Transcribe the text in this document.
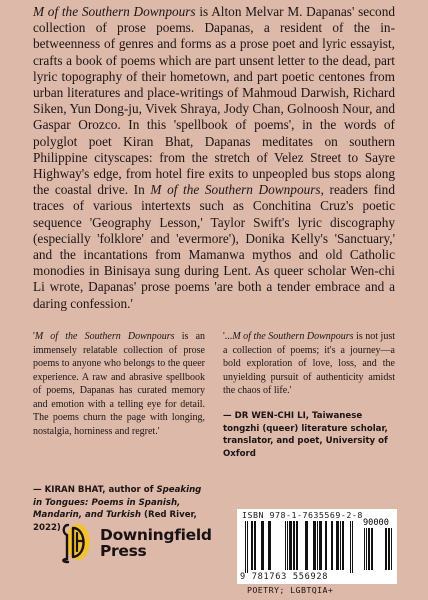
M of the Southern Downpours is Alton Melvar M. Dapanas' second collection of prose poems. Dapanas, a resident of the in-betweenness of genres and forms as a prose poet and lyric essayist, crafts a book of poems which are part unsent letter to the dead, part lyric topography of their hometown, and part poetic centones from urban literatures and place-writings of Mahmoud Darwish, Richard Siken, Yun Dong-ju, Vivek Shraya, Jody Chan, Golnoosh Nour, and Gaspar Orozco. In this 'spellbook of poems', in the words of polyglot poet Kiran Bhat, Dapanas meditates on southern Philippine cityscapes: from the stretch of Velez Street to Sayre Highway's edge, from hotel fire exits to unpeopled bus stops along the coastal drive. In M of the Southern Downpours, readers find traces of various intertexts such as Conchitina Cruz's poetic sequence 'Geography Lesson,' Taylor Swift's lyric discography (especially 'folklore' and 'evermore'), Donika Kelly's 'Sanctuary,' and the incantations from Mamanwa mythos and old Catholic monodies in Binisaya sung during Lent. As queer scholar Wen-chi Li wrote, Dapanas' prose poems 'are both a tender embrace and a daring confession.'

'M of the Southern Downpours is an immensely relatable collection of prose poems to anyone who belongs to the queer experience. A raw and abrasive spellbook of poems, Dapanas has curated memory and emotion with a telling eye for detail. The poems churn the page with longing, nostalgia, horniness and regret.'

— KIRAN BHAT, author of Speaking in Tongues: Poems in Spanish, Mandarin, and Turkish (Red River, 2022)

'...M of the Southern Downpours is not just a collection of poems; it's a journey—a bold exploration of love, loss, and the unyielding pursuit of authenticity amidst the chaos of life.'

— DR WEN-CHI LI, Taiwanese tongzhi (queer) literature scholar, translator, and poet, University of Oxford

Downingfield
Press
ISBN 978-1-7635569-2-8
90000
9 781763 556928
POETRY; LGBTQIA+
